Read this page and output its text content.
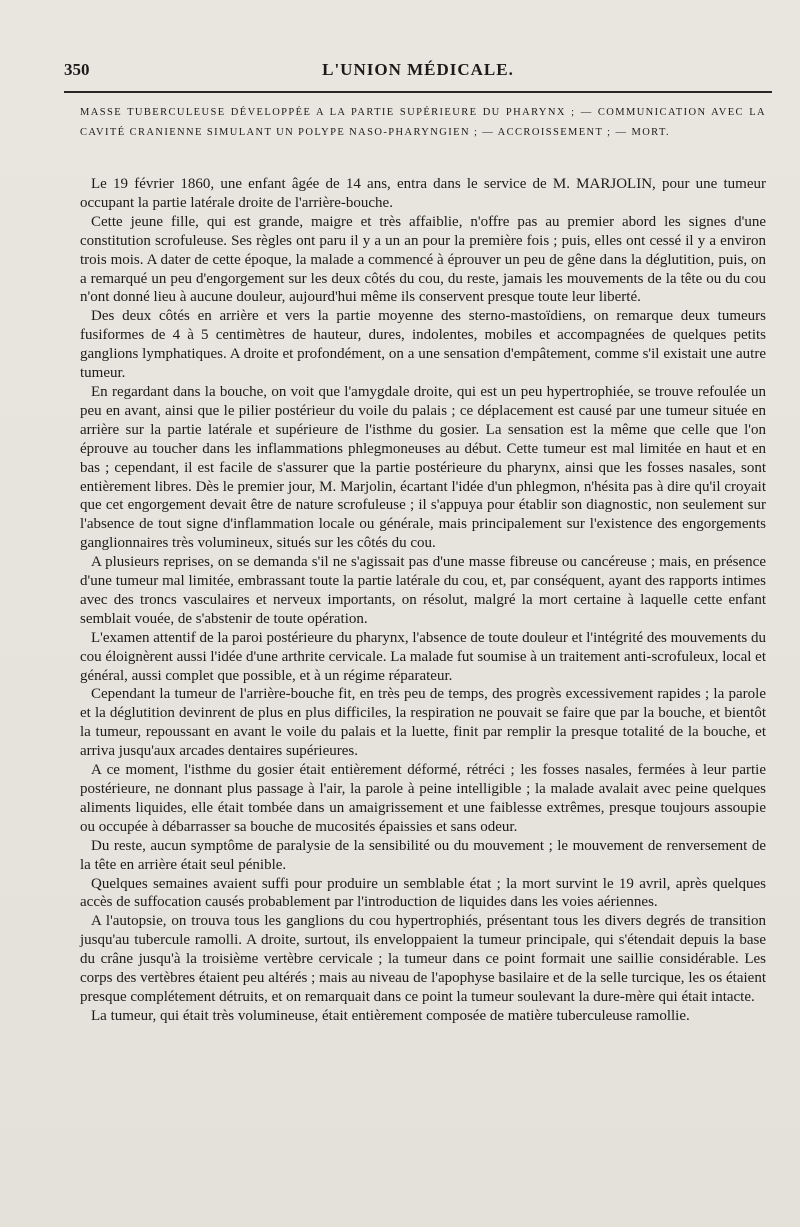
350	L'UNION MÉDICALE.
MASSE TUBERCULEUSE DÉVELOPPÉE A LA PARTIE SUPÉRIEURE DU PHARYNX ; — COMMUNICATION AVEC LA CAVITÉ CRANIENNE SIMULANT UN POLYPE NASO-PHARYNGIEN ; — ACCROISSEMENT ; — MORT.

Le 19 février 1860, une enfant âgée de 14 ans, entra dans le service de M. MARJOLIN, pour une tumeur occupant la partie latérale droite de l'arrière-bouche.

Cette jeune fille, qui est grande, maigre et très affaiblie, n'offre pas au premier abord les signes d'une constitution scrofuleuse. Ses règles ont paru il y a un an pour la première fois ; puis, elles ont cessé il y a environ trois mois. A dater de cette époque, la malade a commencé à éprouver un peu de gêne dans la déglutition, puis, on a remarqué un peu d'engorgement sur les deux côtés du cou, du reste, jamais les mouvements de la tête ou du cou n'ont donné lieu à aucune douleur, aujourd'hui même ils conservent presque toute leur liberté.

Des deux côtés en arrière et vers la partie moyenne des sterno-mastoïdiens, on remarque deux tumeurs fusiformes de 4 à 5 centimètres de hauteur, dures, indolentes, mobiles et accompagnées de quelques petits ganglions lymphatiques. A droite et profondément, on a une sensation d'empâtement, comme s'il existait une autre tumeur.

En regardant dans la bouche, on voit que l'amygdale droite, qui est un peu hypertrophiée, se trouve refoulée un peu en avant, ainsi que le pilier postérieur du voile du palais ; ce déplacement est causé par une tumeur située en arrière sur la partie latérale et supérieure de l'isthme du gosier. La sensation est la même que celle que l'on éprouve au toucher dans les inflammations phlegmoneuses au début. Cette tumeur est mal limitée en haut et en bas ; cependant, il est facile de s'assurer que la partie postérieure du pharynx, ainsi que les fosses nasales, sont entièrement libres. Dès le premier jour, M. Marjolin, écartant l'idée d'un phlegmon, n'hésita pas à dire qu'il croyait que cet engorgement devait être de nature scrofuleuse ; il s'appuya pour établir son diagnostic, non seulement sur l'absence de tout signe d'inflammation locale ou générale, mais principalement sur l'existence des engorgements ganglionnaires très volumineux, situés sur les côtés du cou.

A plusieurs reprises, on se demanda s'il ne s'agissait pas d'une masse fibreuse ou cancéreuse ; mais, en présence d'une tumeur mal limitée, embrassant toute la partie latérale du cou, et, par conséquent, ayant des rapports intimes avec des troncs vasculaires et nerveux importants, on résolut, malgré la mort certaine à laquelle cette enfant semblait vouée, de s'abstenir de toute opération.

L'examen attentif de la paroi postérieure du pharynx, l'absence de toute douleur et l'intégrité des mouvements du cou éloignèrent aussi l'idée d'une arthrite cervicale. La malade fut soumise à un traitement anti-scrofuleux, local et général, aussi complet que possible, et à un régime réparateur.

Cependant la tumeur de l'arrière-bouche fit, en très peu de temps, des progrès excessivement rapides ; la parole et la déglutition devinrent de plus en plus difficiles, la respiration ne pouvait se faire que par la bouche, et bientôt la tumeur, repoussant en avant le voile du palais et la luette, finit par remplir la presque totalité de la bouche, et arriva jusqu'aux arcades dentaires supérieures.

A ce moment, l'isthme du gosier était entièrement déformé, rétréci ; les fosses nasales, fermées à leur partie postérieure, ne donnant plus passage à l'air, la parole à peine intelligible ; la malade avalait avec peine quelques aliments liquides, elle était tombée dans un amaigrissement et une faiblesse extrêmes, presque toujours assoupie ou occupée à débarrasser sa bouche de mucosités épaissies et sans odeur.

Du reste, aucun symptôme de paralysie de la sensibilité ou du mouvement ; le mouvement de renversement de la tête en arrière était seul pénible.

Quelques semaines avaient suffi pour produire un semblable état ; la mort survint le 19 avril, après quelques accès de suffocation causés probablement par l'introduction de liquides dans les voies aériennes.

A l'autopsie, on trouva tous les ganglions du cou hypertrophiés, présentant tous les divers degrés de transition jusqu'au tubercule ramolli. A droite, surtout, ils enveloppaient la tumeur principale, qui s'étendait depuis la base du crâne jusqu'à la troisième vertèbre cervicale ; la tumeur dans ce point formait une saillie considérable. Les corps des vertèbres étaient peu altérés ; mais au niveau de l'apophyse basilaire et de la selle turcique, les os étaient presque complétement détruits, et on remarquait dans ce point la tumeur soulevant la dure-mère qui était intacte.

La tumeur, qui était très volumineuse, était entièrement composée de matière tuberculeuse ramollie.
